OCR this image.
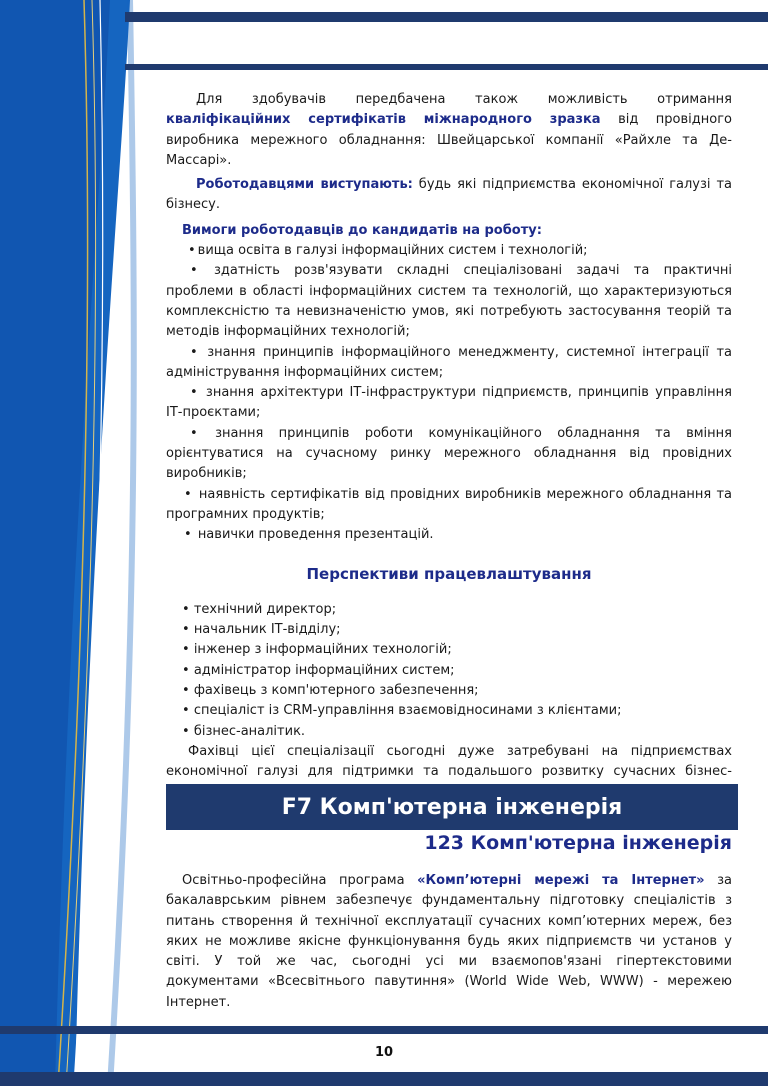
Для здобувачів передбачена також можливість отримання кваліфікаційних сертифікатів міжнародного зразка від провідного виробника мережного обладнання: Швейцарської компанії «Райхле та Де-Массарі».

Роботодавцями виступають: будь які підприємства економічної галузі та бізнесу.

Вимоги роботодавців до кандидатів на роботу:

• вища освіта в галузі інформаційних систем і технологій;
• здатність розв'язувати складні спеціалізовані задачі та практичні проблеми в області інформаційних систем та технологій, що характеризуються комплексністю та невизначеністю умов, які потребують застосування теорій та методів інформаційних технологій;
• знання принципів інформаційного менеджменту, системної інтеграції та адміністрування інформаційних систем;
• знання архітектури ІТ-інфраструктури підприємств, принципів управління ІТ-проєктами;
• знання принципів роботи комунікаційного обладнання та вміння орієнтуватися на сучасному ринку мережного обладнання від провідних виробників;
• наявність сертифікатів від провідних виробників мережного обладнання та програмних продуктів;
• навички проведення презентацій.
Перспективи працевлаштування
• технічний директор;
• начальник ІТ-відділу;
• інженер з інформаційних технологій;
• адміністратор інформаційних систем;
• фахівець з комп'ютерного забезпечення;
• спеціаліст із CRM-управління взаємовідносинами з клієнтами;
• бізнес-аналітик.

Фахівці цієї спеціалізації сьогодні дуже затребувані на підприємствах економічної галузі для підтримки та подальшого розвитку сучасних бізнес-

F7 Комп'ютерна інженерія
123 Комп'ютерна інженерія

Освітньо-професійна програма «Комп’ютерні мережі та Інтернет» за бакалаврським рівнем забезпечує фундаментальну підготовку спеціалістів з питань створення й технічної експлуатації сучасних комп’ютерних мереж, без яких не можливе якісне функціонування будь яких підприємств чи установ у світі. У той же час, сьогодні усі ми взаємопов'язані гіпертекстовими документами «Всесвітнього павутиння» (World Wide Web, WWW) - мережею Інтернет.

10
